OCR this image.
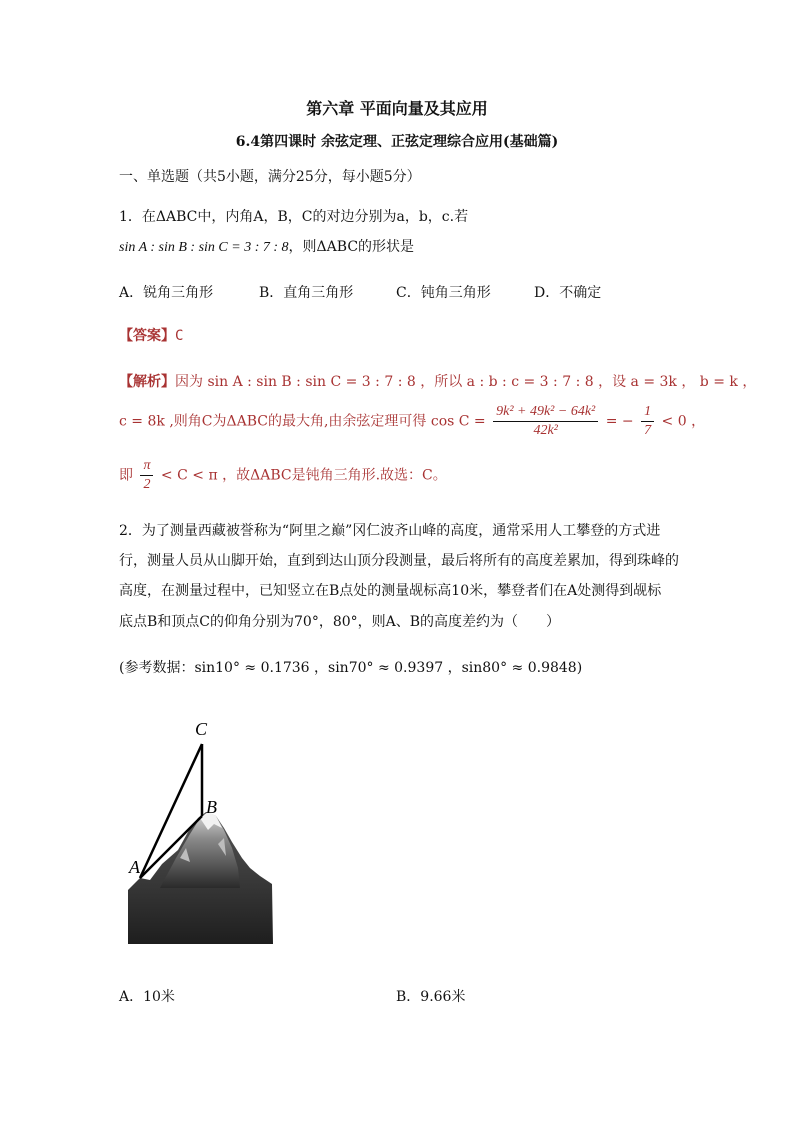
第六章 平面向量及其应用
6.4第四课时 余弦定理、正弦定理综合应用(基础篇)
一、单选题（共5小题，满分25分，每小题5分）
1．在ΔABC中，内角A，B，C的对边分别为a，b，c.若
sin A : sin B : sin C = 3 : 7 : 8，则ΔABC的形状是
A．锐角三角形	B．直角三角形	C．钝角三角形	D．不确定
【答案】C
【解析】因为 sin A : sin B : sin C = 3 : 7 : 8 ，所以 a : b : c = 3 : 7 : 8 ，设 a = 3k ， b = k ，
c = 8k ,则角C为ΔABC的最大角,由余弦定理可得 $\cos C = \frac{\text{9k² + 49k² − 64k²}}{\text{42k²}}$ = − $\frac{1}{7} < 0$ ，
即 $\frac{\pi}{2} < C < \pi$ ，故ΔABC是钝角三角形.故选：C。
2．为了测量西藏被誉称为“阿里之巅”冈仁波齐山峰的高度，通常采用人工攀登的方式进
行，测量人员从山脚开始，直到到达山顶分段测量，最后将所有的高度差累加，得到珠峰的
高度，在测量过程中，已知竖立在B点处的测量觇标高10米，攀登者们在A处测得到觇标
底点B和顶点C的仰角分别为70°，80°，则A、B的高度差约为（　　）
(参考数据：sin10° ≈ 0.1736 ，sin70° ≈ 0.9397 ，sin80° ≈ 0.9848)
C
B
A
A．10米	B．9.66米
